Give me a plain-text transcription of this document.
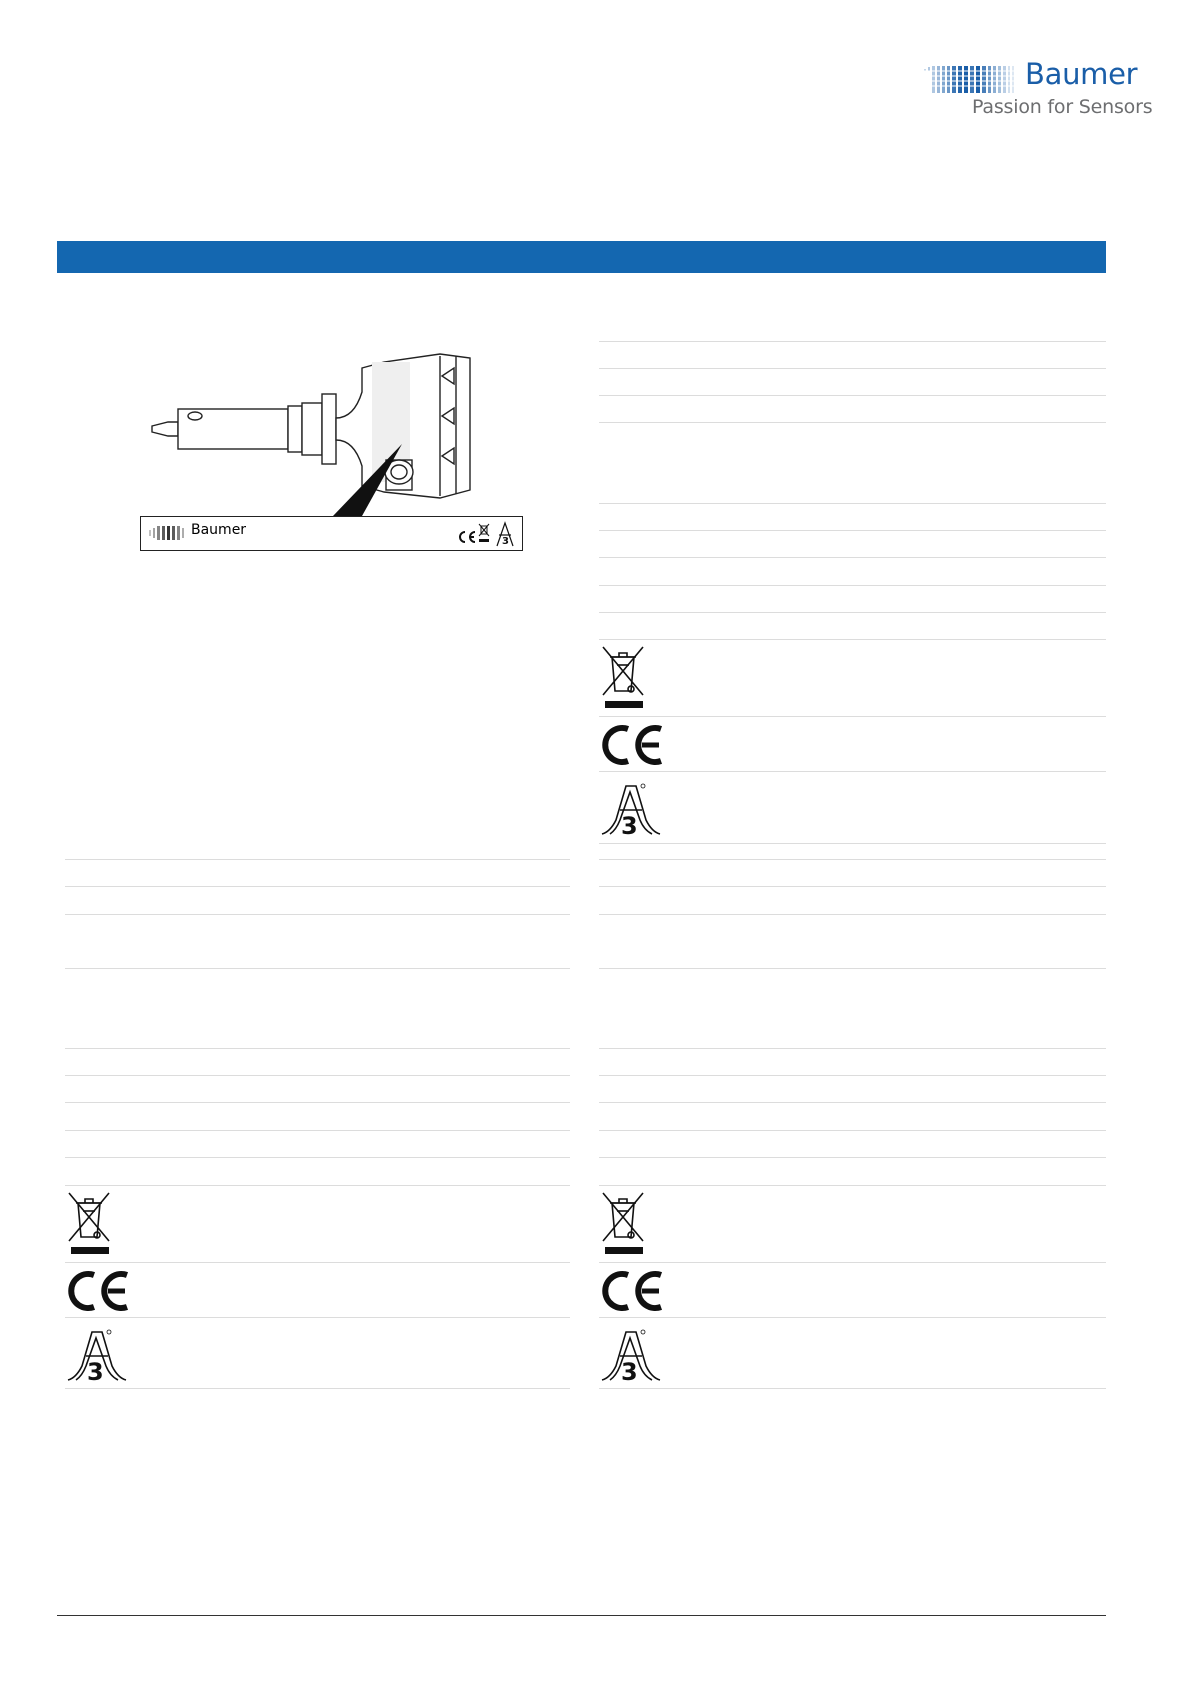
Baumer
Passion for Sensors
Baumer
3
3
3	3
